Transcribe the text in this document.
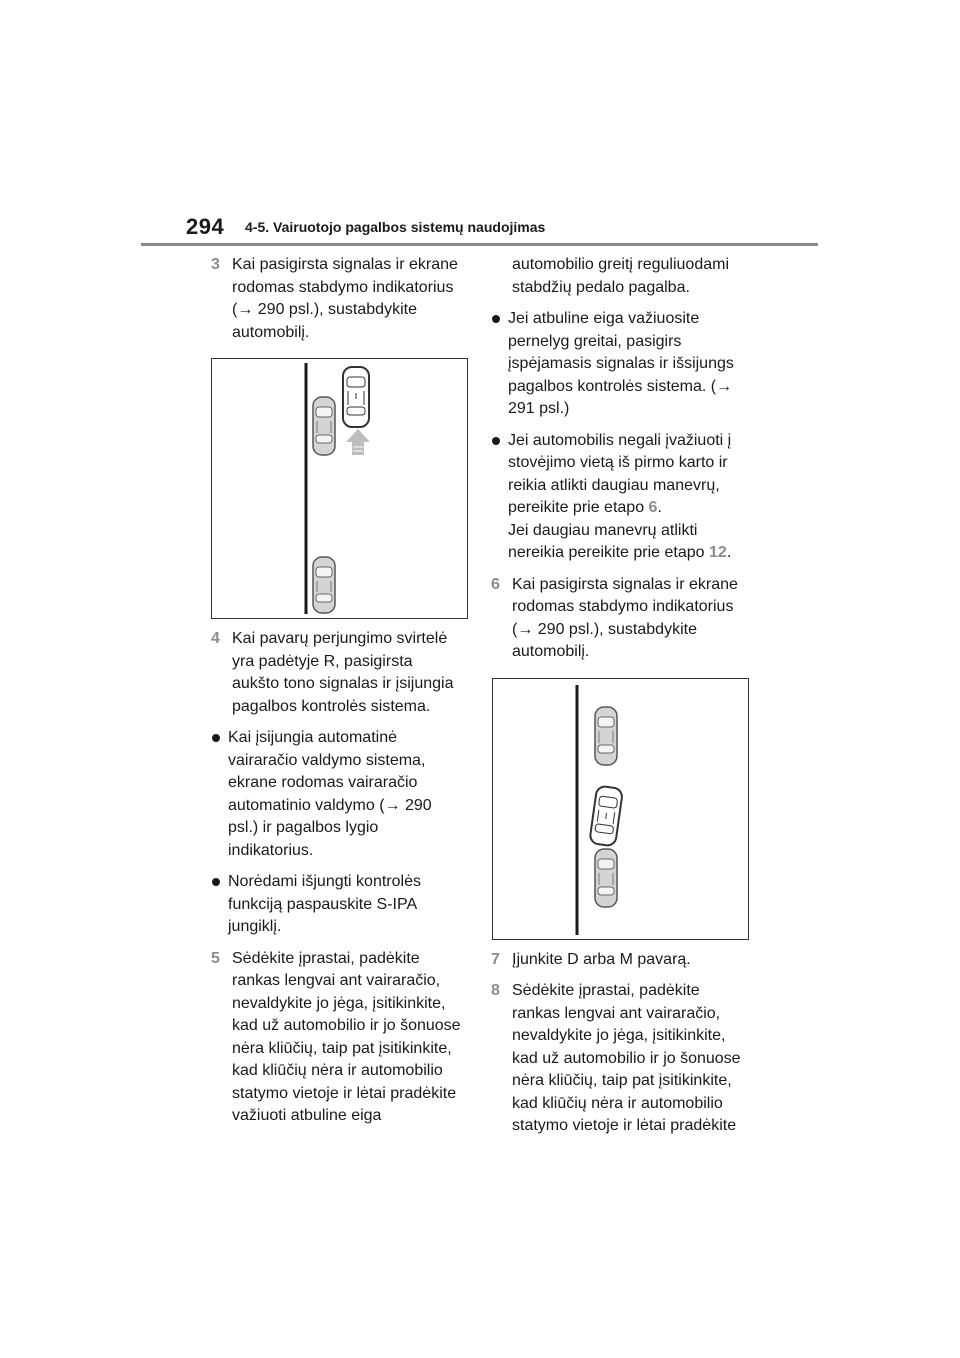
294 4-5. Vairuotojo pagalbos sistemų naudojimas
3 Kai pasigirsta signalas ir ekrane
rodomas stabdymo indikatorius
(→ 290 psl.), sustabdykite
automobilį.
4 Kai pavarų perjungimo svirtelė
yra padėtyje R, pasigirsta
aukšto tono signalas ir įsijungia
pagalbos kontrolės sistema.
Kai įsijungia automatinė
vairaračio valdymo sistema,
ekrane rodomas vairaračio
automatinio valdymo (→ 290
psl.) ir pagalbos lygio
indikatorius.
Norėdami išjungti kontrolės
funkciją paspauskite S-IPA
jungiklį.
5 Sėdėkite įprastai, padėkite
rankas lengvai ant vairaračio,
nevaldykite jo jėga, įsitikinkite,
kad už automobilio ir jo šonuose
nėra kliūčių, taip pat įsitikinkite,
kad kliūčių nėra ir automobilio
statymo vietoje ir lėtai pradėkite
važiuoti atbuline eiga
automobilio greitį reguliuodami
stabdžių pedalo pagalba.
Jei atbuline eiga važiuosite
pernelyg greitai, pasigirs
įspėjamasis signalas ir išsijungs
pagalbos kontrolės sistema. (→
291 psl.)
Jei automobilis negali įvažiuoti į
stovėjimo vietą iš pirmo karto ir
reikia atlikti daugiau manevrų,
pereikite prie etapo 6.
Jei daugiau manevrų atlikti
nereikia pereikite prie etapo 12.
6 Kai pasigirsta signalas ir ekrane
rodomas stabdymo indikatorius
(→ 290 psl.), sustabdykite
automobilį.
7 Įjunkite D arba M pavarą.
8 Sėdėkite įprastai, padėkite
rankas lengvai ant vairaračio,
nevaldykite jo jėga, įsitikinkite,
kad už automobilio ir jo šonuose
nėra kliūčių, taip pat įsitikinkite,
kad kliūčių nėra ir automobilio
statymo vietoje ir lėtai pradėkite
